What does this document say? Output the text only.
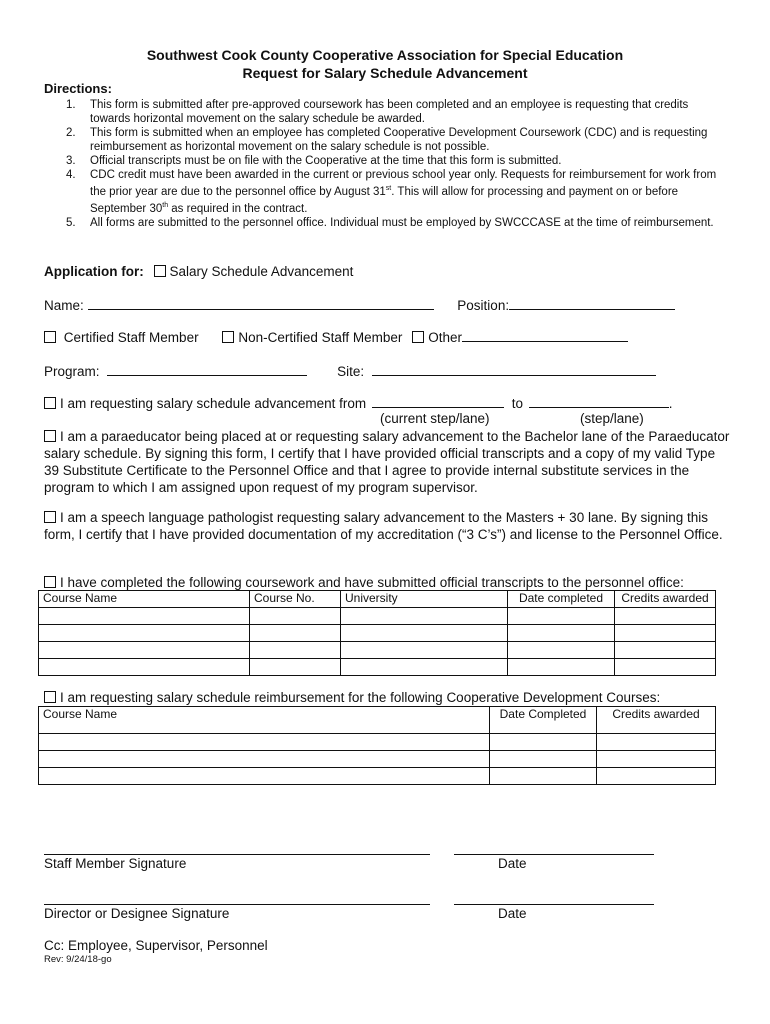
Southwest Cook County Cooperative Association for Special Education
Request for Salary Schedule Advancement
Directions:
1. This form is submitted after pre-approved coursework has been completed and an employee is requesting that credits towards horizontal movement on the salary schedule be awarded.
2. This form is submitted when an employee has completed Cooperative Development Coursework (CDC) and is requesting reimbursement as horizontal movement on the salary schedule is not possible.
3. Official transcripts must be on file with the Cooperative at the time that this form is submitted.
4. CDC credit must have been awarded in the current or previous school year only. Requests for reimbursement for work from the prior year are due to the personnel office by August 31st. This will allow for processing and payment on or before September 30th as required in the contract.
5. All forms are submitted to the personnel office. Individual must be employed by SWCCCASE at the time of reimbursement.
Application for: Salary Schedule Advancement
Name:	Position:
Certified Staff Member	Non-Certified Staff Member Other
Program:	Site:
I am requesting salary schedule advancement from	to	.
(current step/lane)	(step/lane)
I am a paraeducator being placed at or requesting salary advancement to the Bachelor lane of the Paraeducator salary schedule. By signing this form, I certify that I have provided official transcripts and a copy of my valid Type 39 Substitute Certificate to the Personnel Office and that I agree to provide internal substitute services in the program to which I am assigned upon request of my program supervisor.
I am a speech language pathologist requesting salary advancement to the Masters + 30 lane. By signing this form, I certify that I have provided documentation of my accreditation (“3 C’s”) and license to the Personnel Office.
I have completed the following coursework and have submitted official transcripts to the personnel office:
Course Name	Course No.	University	Date completed	Credits awarded

I am requesting salary schedule reimbursement for the following Cooperative Development Courses:
Course Name	Date Completed	Credits awarded

Staff Member Signature	Date
Director or Designee Signature	Date
Cc: Employee, Supervisor, Personnel
Rev: 9/24/18-go
